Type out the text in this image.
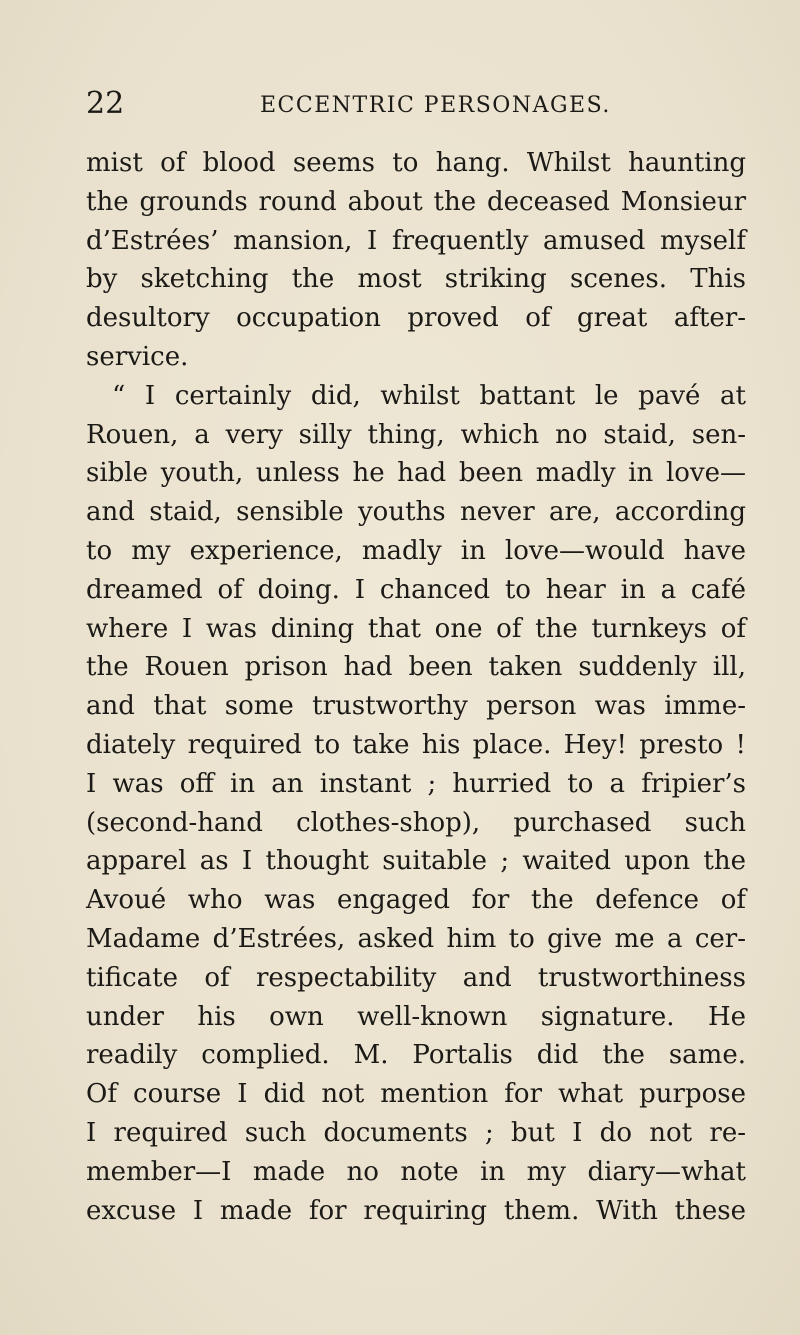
22	ECCENTRIC PERSONAGES.
mist of blood seems to hang. Whilst haunting
the grounds round about the deceased Monsieur
d’Estrées’ mansion, I frequently amused myself
by sketching the most striking scenes. This
desultory occupation proved of great after-
service.
“ I certainly did, whilst battant le pavé at
Rouen, a very silly thing, which no staid, sen-
sible youth, unless he had been madly in love—
and staid, sensible youths never are, according
to my experience, madly in love—would have
dreamed of doing. I chanced to hear in a café
where I was dining that one of the turnkeys of
the Rouen prison had been taken suddenly ill,
and that some trustworthy person was imme-
diately required to take his place. Hey! presto !
I was off in an instant ; hurried to a fripier’s
(second-hand clothes-shop), purchased such
apparel as I thought suitable ; waited upon the
Avoué who was engaged for the defence of
Madame d’Estrées, asked him to give me a cer-
tificate of respectability and trustworthiness
under his own well-known signature. He
readily complied. M. Portalis did the same.
Of course I did not mention for what purpose
I required such documents ; but I do not re-
member—I made no note in my diary—what
excuse I made for requiring them. With these
